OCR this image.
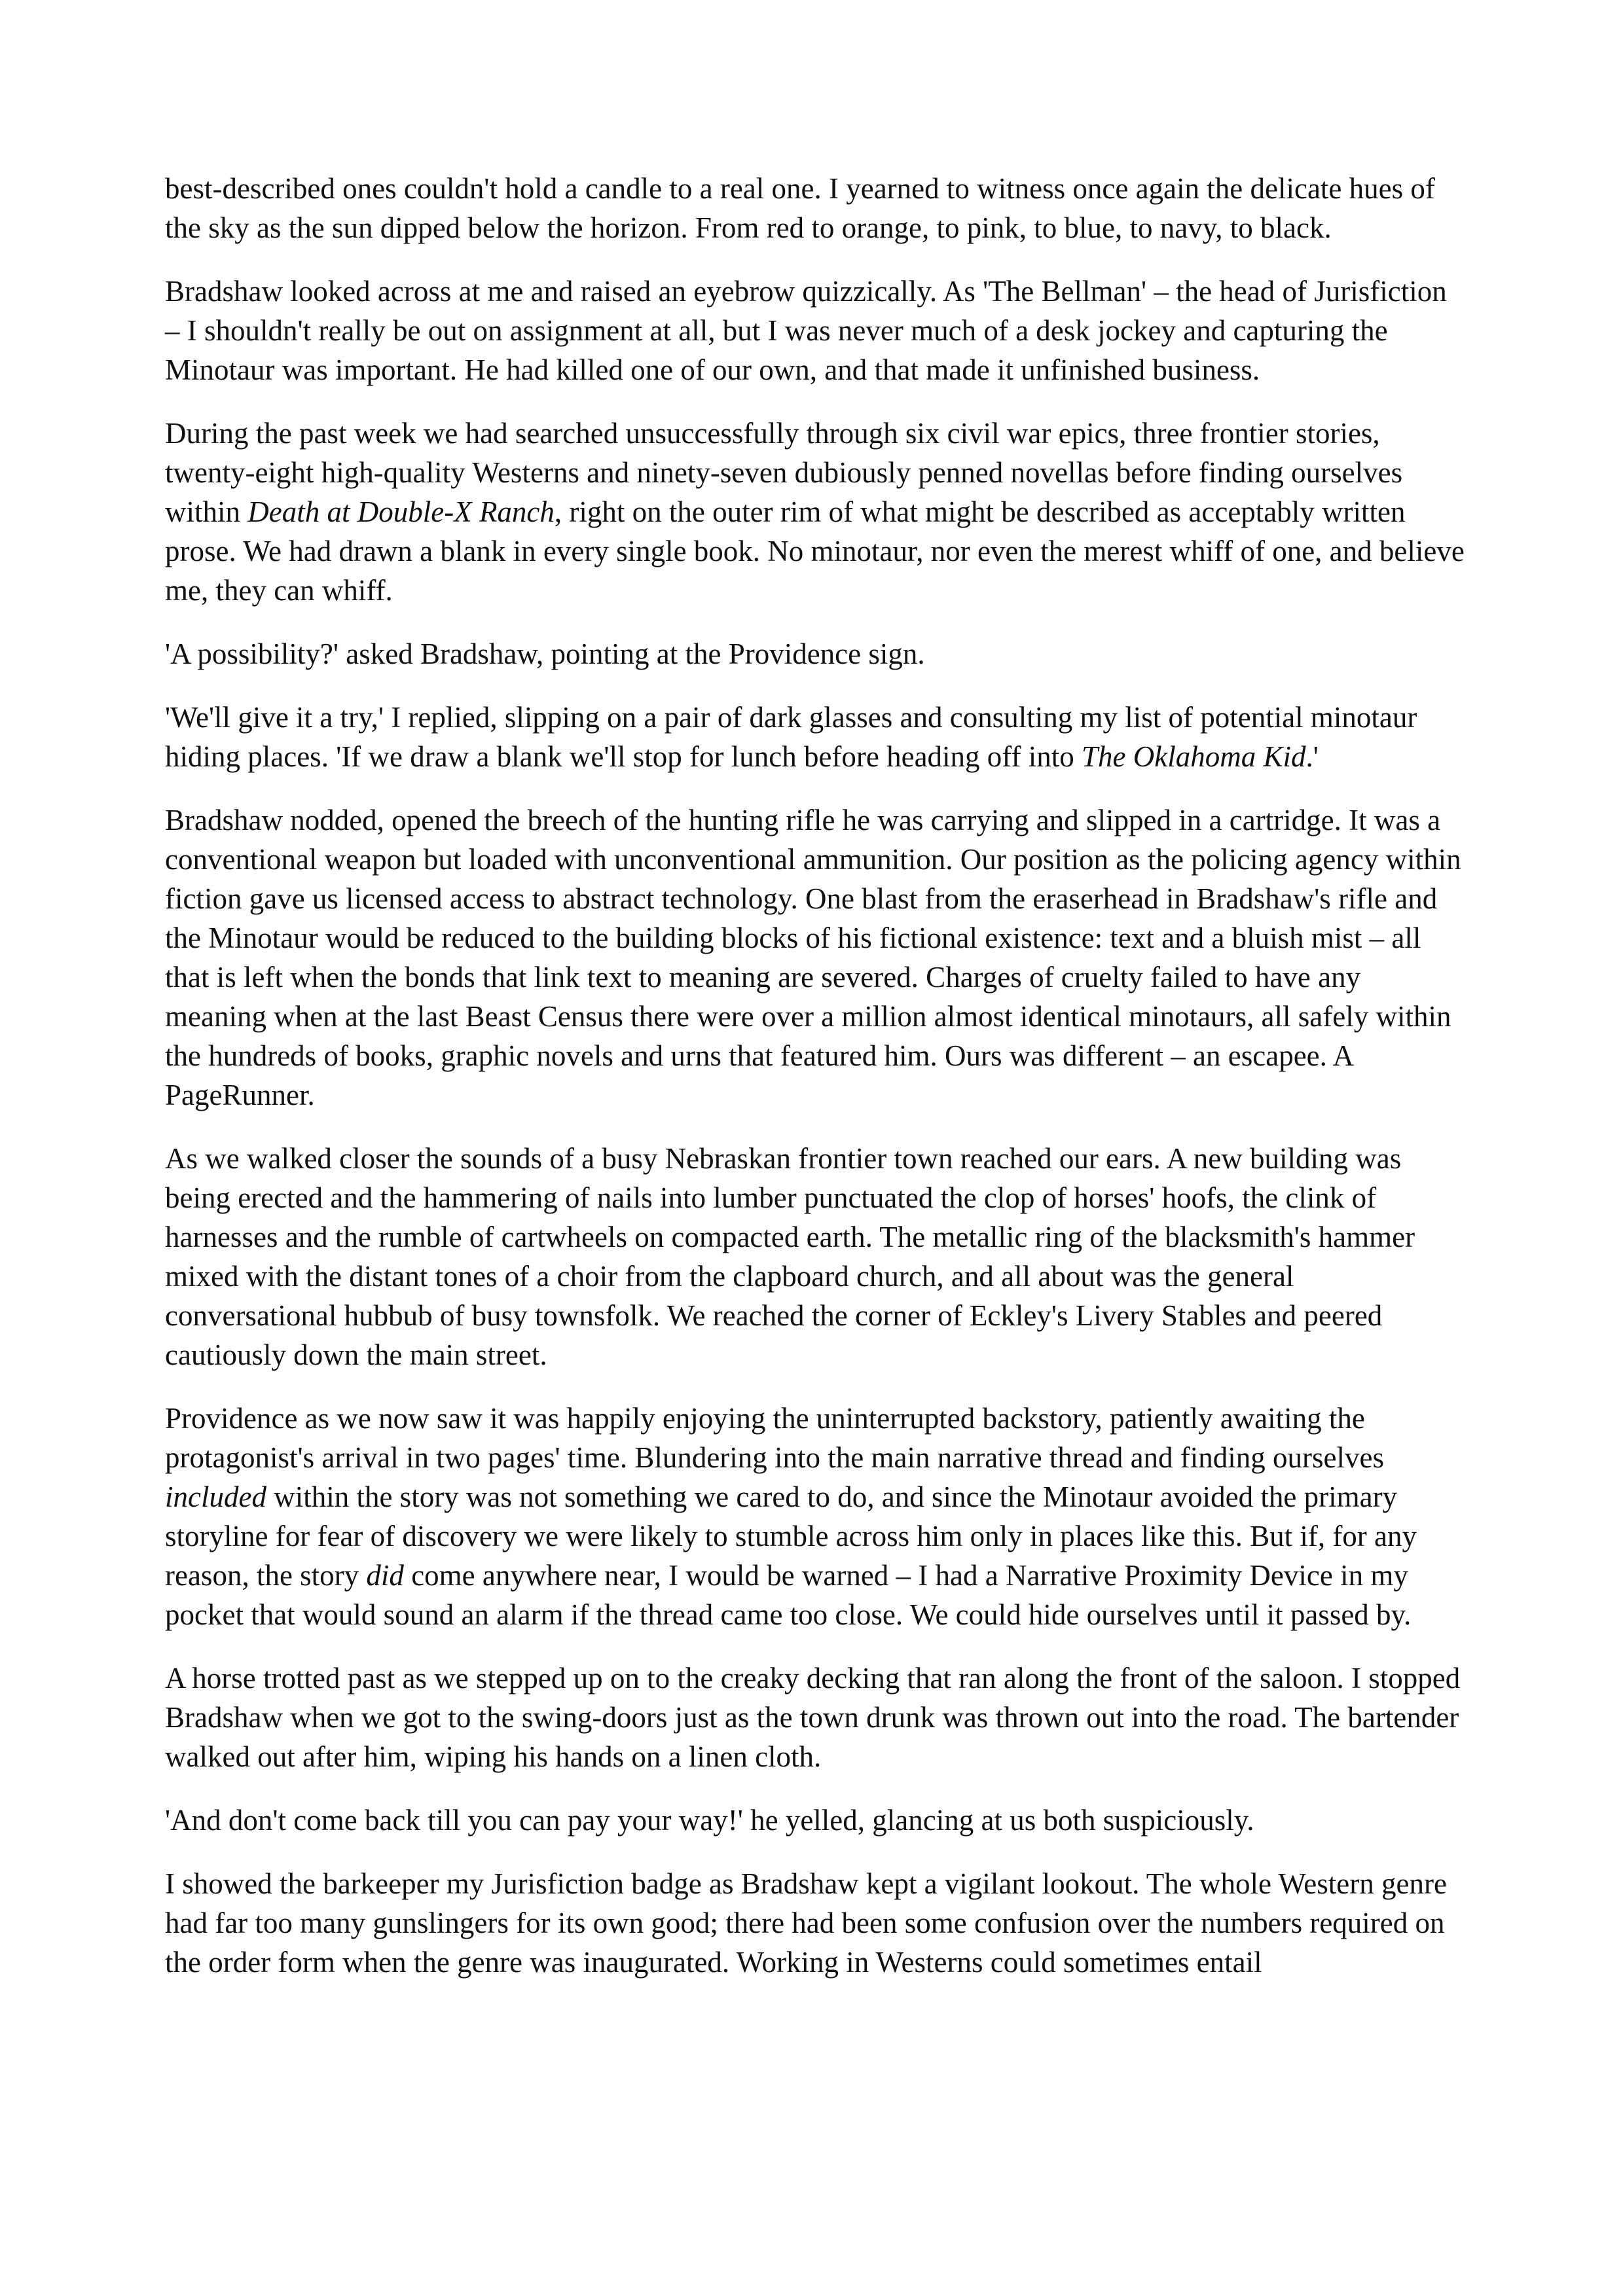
best-described ones couldn't hold a candle to a real one. I yearned to witness once again the delicate hues of the sky as the sun dipped below the horizon. From red to orange, to pink, to blue, to navy, to black.

Bradshaw looked across at me and raised an eyebrow quizzically. As 'The Bellman' – the head of Jurisfiction – I shouldn't really be out on assignment at all, but I was never much of a desk jockey and capturing the Minotaur was important. He had killed one of our own, and that made it unfinished business.

During the past week we had searched unsuccessfully through six civil war epics, three frontier stories, twenty-eight high-quality Westerns and ninety-seven dubiously penned novellas before finding ourselves within Death at Double-X Ranch, right on the outer rim of what might be described as acceptably written prose. We had drawn a blank in every single book. No minotaur, nor even the merest whiff of one, and believe me, they can whiff.

'A possibility?' asked Bradshaw, pointing at the Providence sign.

'We'll give it a try,' I replied, slipping on a pair of dark glasses and consulting my list of potential minotaur hiding places. 'If we draw a blank we'll stop for lunch before heading off into The Oklahoma Kid.'

Bradshaw nodded, opened the breech of the hunting rifle he was carrying and slipped in a cartridge. It was a conventional weapon but loaded with unconventional ammunition. Our position as the policing agency within fiction gave us licensed access to abstract technology. One blast from the eraserhead in Bradshaw's rifle and the Minotaur would be reduced to the building blocks of his fictional existence: text and a bluish mist – all that is left when the bonds that link text to meaning are severed. Charges of cruelty failed to have any meaning when at the last Beast Census there were over a million almost identical minotaurs, all safely within the hundreds of books, graphic novels and urns that featured him. Ours was different – an escapee. A PageRunner.

As we walked closer the sounds of a busy Nebraskan frontier town reached our ears. A new building was being erected and the hammering of nails into lumber punctuated the clop of horses' hoofs, the clink of harnesses and the rumble of cartwheels on compacted earth. The metallic ring of the blacksmith's hammer mixed with the distant tones of a choir from the clapboard church, and all about was the general conversational hubbub of busy townsfolk. We reached the corner of Eckley's Livery Stables and peered cautiously down the main street.

Providence as we now saw it was happily enjoying the uninterrupted backstory, patiently awaiting the protagonist's arrival in two pages' time. Blundering into the main narrative thread and finding ourselves included within the story was not something we cared to do, and since the Minotaur avoided the primary storyline for fear of discovery we were likely to stumble across him only in places like this. But if, for any reason, the story did come anywhere near, I would be warned – I had a Narrative Proximity Device in my pocket that would sound an alarm if the thread came too close. We could hide ourselves until it passed by.

A horse trotted past as we stepped up on to the creaky decking that ran along the front of the saloon. I stopped Bradshaw when we got to the swing-doors just as the town drunk was thrown out into the road. The bartender walked out after him, wiping his hands on a linen cloth.

'And don't come back till you can pay your way!' he yelled, glancing at us both suspiciously.

I showed the barkeeper my Jurisfiction badge as Bradshaw kept a vigilant lookout. The whole Western genre had far too many gunslingers for its own good; there had been some confusion over the numbers required on the order form when the genre was inaugurated. Working in Westerns could sometimes entail
